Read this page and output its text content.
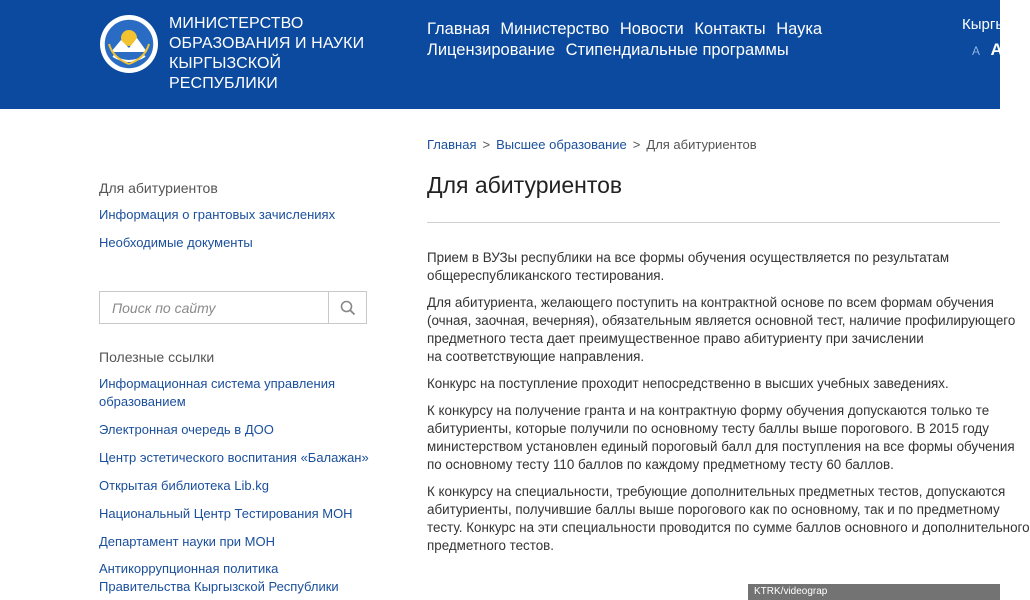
МИНИСТЕРСТВО
ОБРАЗОВАНИЯ И НАУКИ
КЫРГЫЗСКОЙ
РЕСПУБЛИКИ
Главная Министерство Новости Контакты Наука
Лицензирование Стипендиальные программы
Кыргызча
A A
Для абитуриентов
Информация о грантовых зачислениях
Необходимые документы
Поиск по сайту
Полезные ссылки
Информационная система управления
образованием
Электронная очередь в ДОО
Центр эстетического воспитания «Балажан»
Открытая библиотека Lib.kg
Национальный Центр Тестирования МОН
Департамент науки при МОН
Антикоррупционная политика
Правительства Кыргызской Республики
Главная > Высшее образование > Для абитуриентов
Для абитуриентов

Прием в ВУЗы республики на все формы обучения осуществляется по результатам
общереспубликанского тестирования.

Для абитуриента, желающего поступить на контрактной основе по всем формам обучения
(очная, заочная, вечерняя), обязательным является основной тест, наличие профилирующего
предметного теста дает преимущественное право абитуриенту при зачислении
на соответствующие направления.

Конкурс на поступление проходит непосредственно в высших учебных заведениях.

К конкурсу на получение гранта и на контрактную форму обучения допускаются только те
абитуриенты, которые получили по основному тесту баллы выше порогового. В 2015 году
министерством установлен единый пороговый балл для поступления на все формы обучения
по основному тесту 110 баллов по каждому предметному тесту 60 баллов.

К конкурсу на специальности, требующие дополнительных предметных тестов, допускаются
абитуриенты, получившие баллы выше порогового как по основному, так и по предметному
тесту. Конкурс на эти специальности проводится по сумме баллов основного и дополнительного
предметного тестов.

KTRK/videograp
